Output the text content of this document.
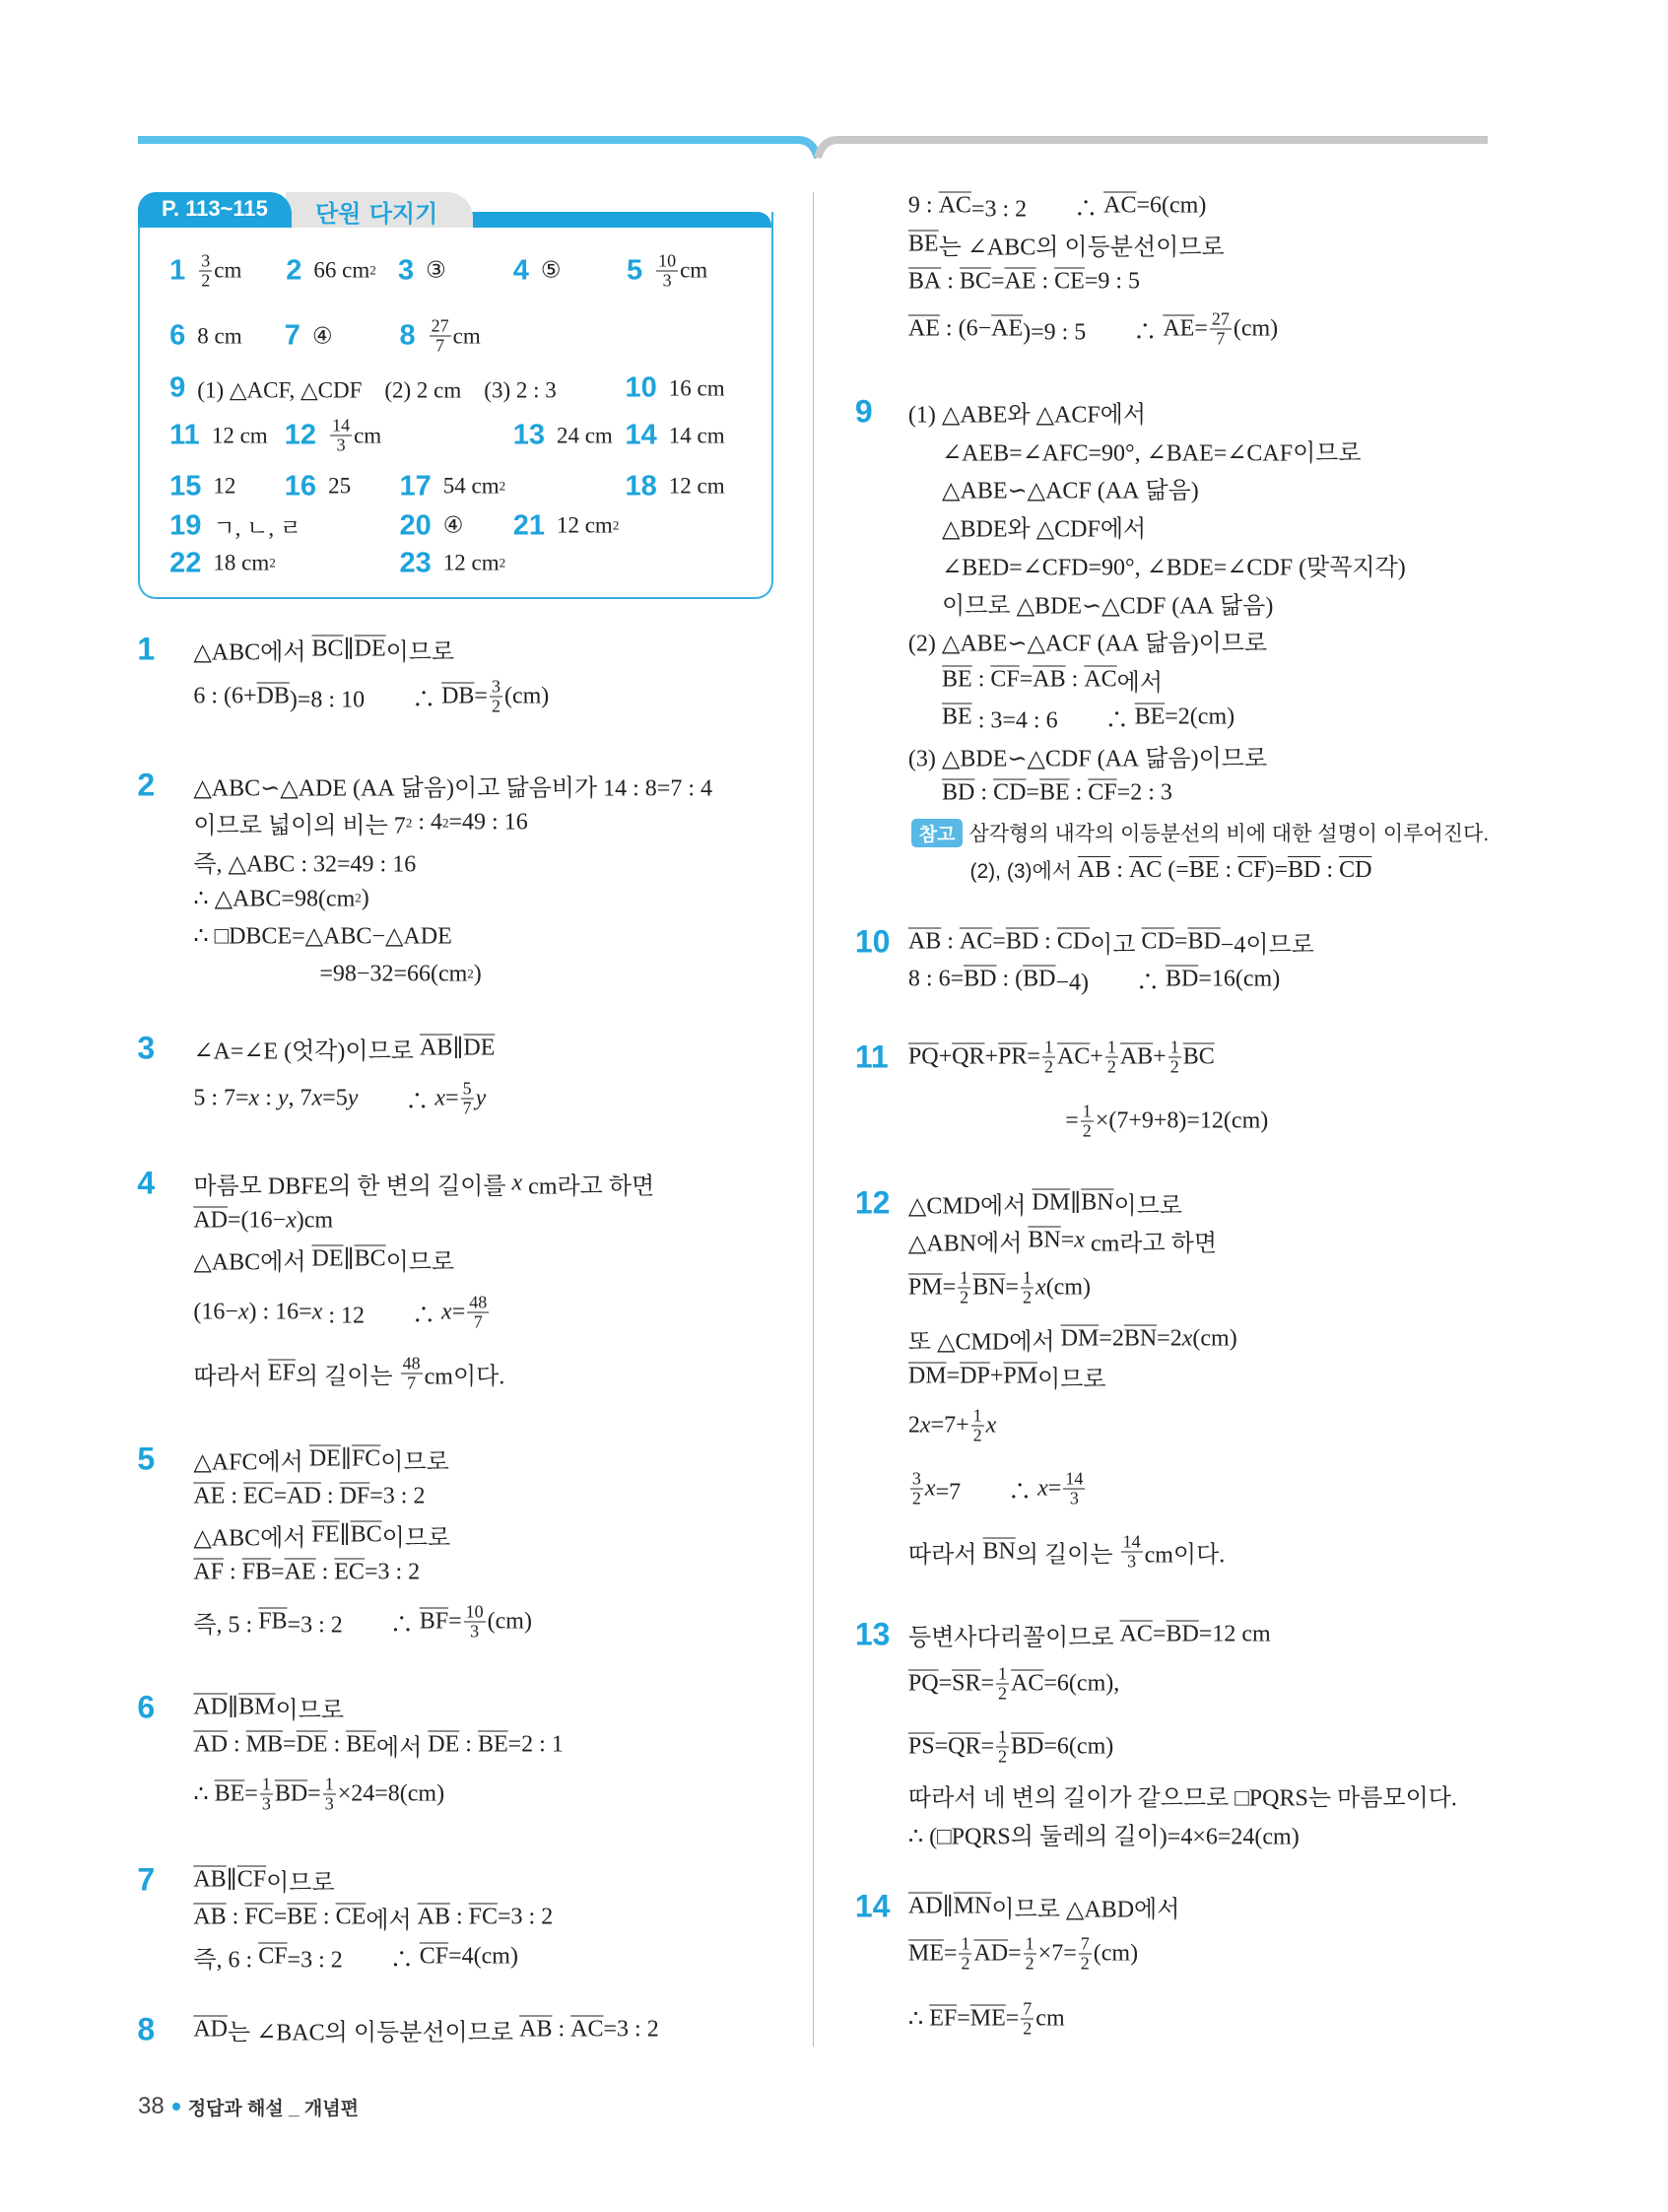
P. 113~115 단원 다지기
$1 \frac{3}{2}$ cm 2 66 cm 2 3 ③ 4 ⑤ $5 \frac{10}{3}$ cm
6 8 cm 7 ④ $8 \frac{27}{7}$ cm
9 (1) △ACF, △CDF　(2) 2 cm　(3) 2 : 3 10 16 cm
11 12 cm $12 \frac{14}{3}$ cm	13 24 cm 14 14 cm
15 12 16 25 17 54 cm 2	18 12 cm
19 ㄱ, ㄴ, ㄹ	20 ④ 21 12 cm 2
22 18 cm 2	23 12 cm 2
1 △ABC에서 $\overline{BC}$ ∥ $\overline{DE}$ 이므로
6 : ($6+ \overline{DB}$ )=8 : 10　　∴ $\overline{DB} = \frac{3}{2} (cm)$
2 △ABC∽△ADE (AA 닮음)이고 닮음비가 14 : 8=7 : 4
이므로 넓이의 비는 7 2 : 4 2 =49 : 16
즉, △ABC : 32=49 : 16
∴ △ABC=98(cm 2 )
∴ □DBCE=△ABC−△ADE
=98−32=66(cm 2 )
3 ∠A=∠E (엇각)이므로 $\overline{AB}$ ∥ $\overline{DE}$
5 : 7= x : y , 7 x =5 y 　　∴ $x = \frac{5}{7}$ y
4 마름모 DBFE의 한 변의 길이를 x cm라고 하면
$\overline{AD} =(16- x$ )cm
△ABC에서 $\overline{DE}$ ∥ $\overline{BC}$ 이므로
(16− x ) : 16= x : 12　　∴ $x = \frac{48}{7}$
따라서 $\overline{EF}$ 의 길이는 $\frac{48}{7}$ cm이다.
5 △AFC에서 $\overline{DE}$ ∥ $\overline{FC}$ 이므로
$\overline{AE}$ : $\overline{EC} = \overline{AD}$ : $\overline{DF} =3$ : 2
△ABC에서 $\overline{FE}$ ∥ $\overline{BC}$ 이므로
$\overline{AF}$ : $\overline{FB} = \overline{AE}$ : $\overline{EC} =3$ : 2
즉, 5 : $\overline{FB} =3$ : 2　　∴ $\overline{BF} = \frac{10}{3} (cm)$
6 $\overline{AD}$ ∥ $\overline{BM}$ 이므로
$\overline{AD}$ : $\overline{MB} = \overline{DE}$ : $\overline{BE}$ 에서 $\overline{DE}$ : $\overline{BE} =2$ : 1
∴ $\overline{BE} = \frac{1}{3} \overline{BD} = \frac{1}{3} \times 24=8(cm)$
7 $\overline{AB}$ ∥ $\overline{CF}$ 이므로
$\overline{AB}$ : $\overline{FC} = \overline{BE}$ : $\overline{CE}$ 에서 $\overline{AB}$ : $\overline{FC} =3$ : 2
즉, 6 : $\overline{CF} =3$ : 2　　∴ $\overline{CF} =4(cm)$
8 $\overline{AD}$ 는 ∠BAC의 이등분선이므로 $\overline{AB}$ : $\overline{AC} =3$ : 2
9 : $\overline{AC} =3$ : 2　　∴ $\overline{AC} =6(cm)$
$\overline{BE}$ 는 ∠ABC의 이등분선이므로
$\overline{BA}$ : $\overline{BC} = \overline{AE}$ : $\overline{CE} =9$ : 5
$\overline{AE}$ : ($6- \overline{AE}$ )=9 : 5　　∴ $\overline{AE} = \frac{27}{7} (cm)$
9 (1) △ABE와 △ACF에서
∠AEB=∠AFC=90°, ∠BAE=∠CAF이므로
△ABE∽△ACF (AA 닮음)
△BDE와 △CDF에서
∠BED=∠CFD=90°, ∠BDE=∠CDF (맞꼭지각)
이므로 △BDE∽△CDF (AA 닮음)
(2) △ABE∽△ACF (AA 닮음)이므로
$\overline{BE}$ : $\overline{CF} = \overline{AB}$ : $\overline{AC}$ 에서
$\overline{BE}$ : 3=4 : 6　　∴ $\overline{BE} =2(cm)$
(3) △BDE∽△CDF (AA 닮음)이므로
$\overline{BD}$ : $\overline{CD} = \overline{BE}$ : $\overline{CF} =2$ : 3
참고 삼각형의 내각의 이등분선의 비에 대한 설명이 이루어진다.
(2), (3)에서 $\overline{AB}$ : $\overline{AC}$ (= $\overline{BE}$ : $\overline{CF}$ )= $\overline{BD}$ : $\overline{CD}$
10 $\overline{AB}$ : $\overline{AC} = \overline{BD}$ : $\overline{CD}$ 이고 $\overline{CD} = \overline{BD} -4$이므로
8 : $6= \overline{BD}$ : ( $\overline{BD} -4$)　　∴ $\overline{BD} =16(cm)$
11 $\overline{PQ} + \overline{QR} + \overline{PR} = \frac{1}{2} \overline{AC} + \frac{1}{2} \overline{AB} + \frac{1}{2} \overline{BC}$
= $\frac{1}{2} \times(7+9+8)=12(cm)$
12 △CMD에서 $\overline{DM}$ ∥ $\overline{BN}$ 이므로
△ABN에서 $\overline{BN} = x$ cm라고 하면
$\overline{PM} = \frac{1}{2} \overline{BN} = \frac{1}{2}$ x (cm)
또 △CMD에서 $\overline{DM} =2$ $\overline{BN} =2$ x (cm)
$\overline{DM} = \overline{DP} + \overline{PM}$ 이므로
2 $x =7+ \frac{1}{2}$ x
$\frac{3}{2}$ x =7　　∴ $x = \frac{14}{3}$
따라서 $\overline{BN}$ 의 길이는 $\frac{14}{3}$ cm이다.
13 등변사다리꼴이므로 $\overline{AC} = \overline{BD} =12$ cm
$\overline{PQ} = \overline{SR} = \frac{1}{2} \overline{AC} =6(cm)$,
$\overline{PS} = \overline{QR} = \frac{1}{2} \overline{BD} =6(cm)$
따라서 네 변의 길이가 같으므로 □PQRS는 마름모이다.
∴ (□PQRS의 둘레의 길이)=4×6=24(cm)
14 $\overline{AD}$ ∥ $\overline{MN}$ 이므로 △ABD에서
$\overline{ME} = \frac{1}{2} \overline{AD} = \frac{1}{2} \times 7= \frac{7}{2} (cm)$
∴ $\overline{EF} = \overline{ME} = \frac{7}{2}$ cm
38 정답과 해설 _ 개념편
